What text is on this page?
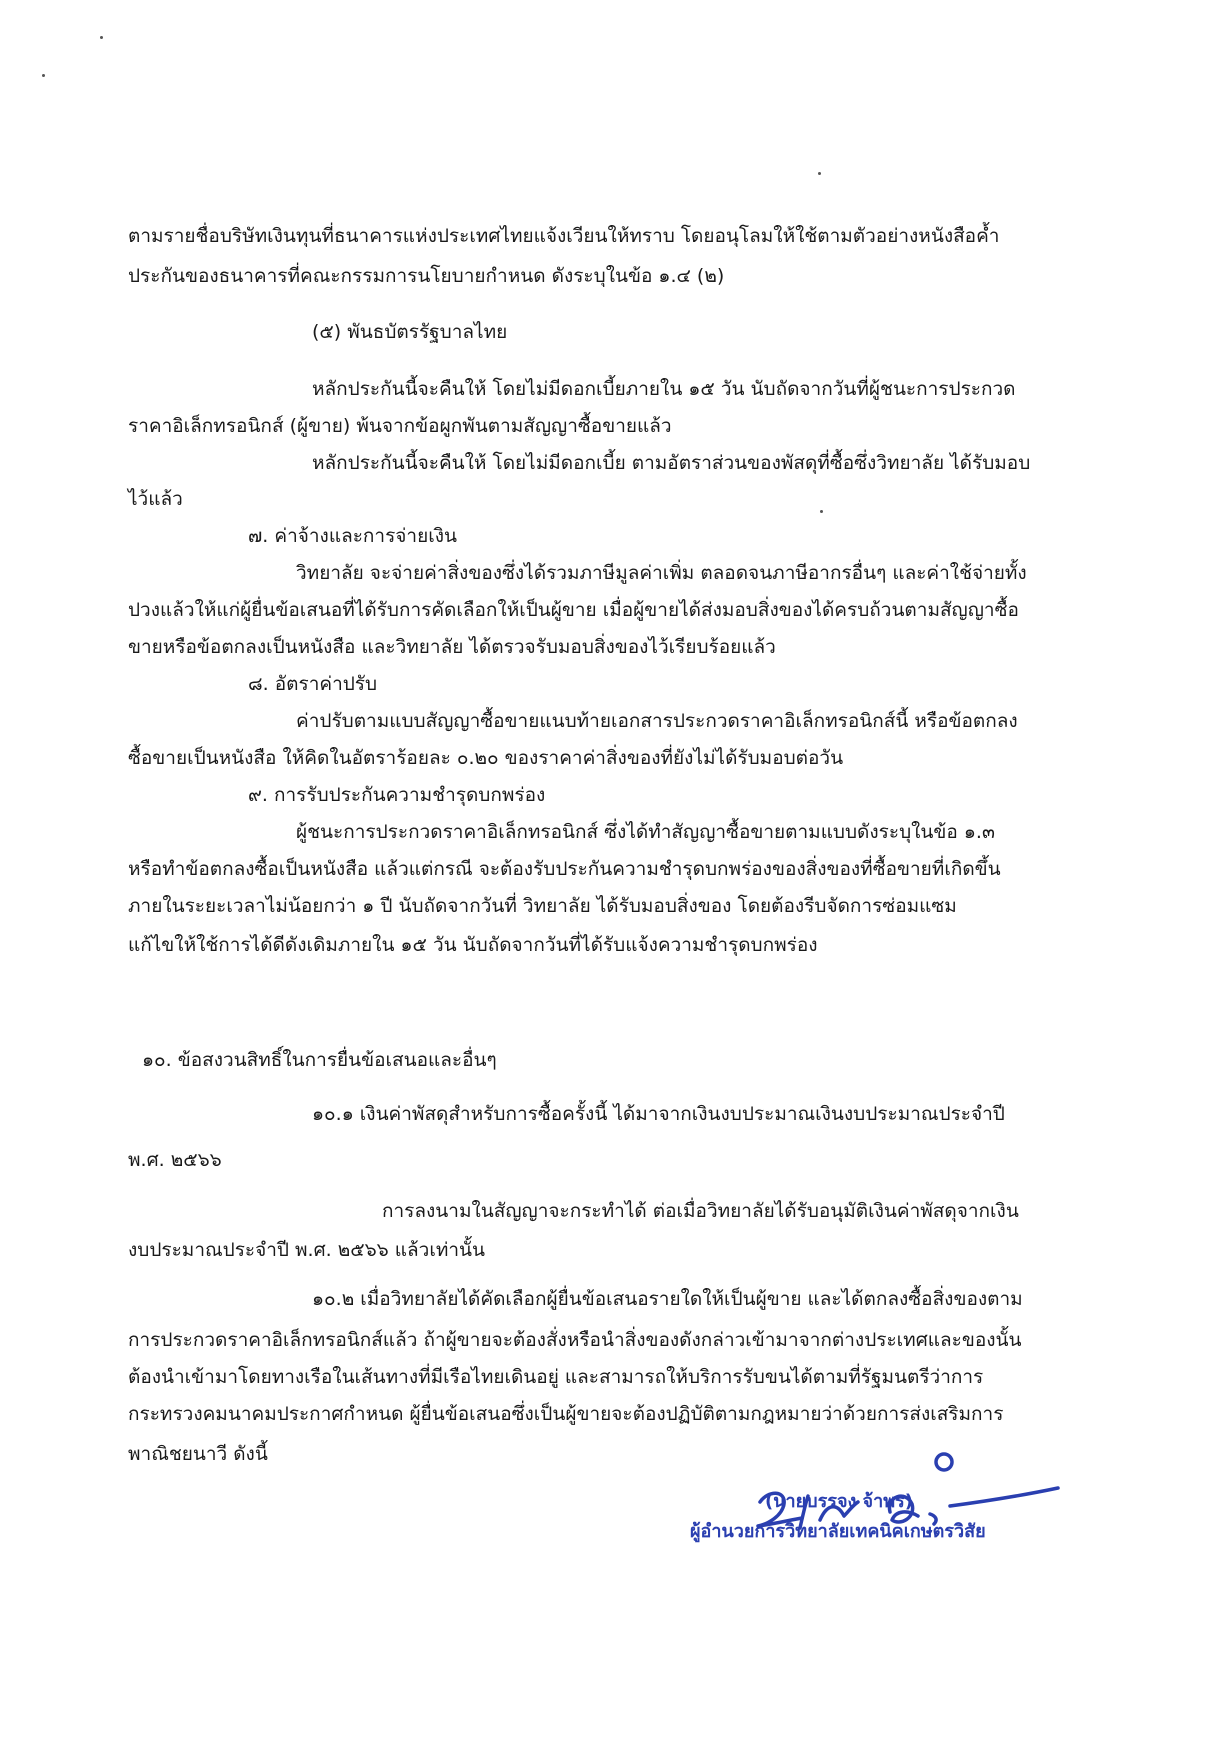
ตามรายชื่อบริษัทเงินทุนที่ธนาคารแห่งประเทศไทยแจ้งเวียนให้ทราบ โดยอนุโลมให้ใช้ตามตัวอย่างหนังสือค้ำ
ประกันของธนาคารที่คณะกรรมการนโยบายกำหนด ดังระบุในข้อ ๑.๔ (๒)
(๕) พันธบัตรรัฐบาลไทย
หลักประกันนี้จะคืนให้ โดยไม่มีดอกเบี้ยภายใน ๑๕ วัน นับถัดจากวันที่ผู้ชนะการประกวด
ราคาอิเล็กทรอนิกส์ (ผู้ขาย) พ้นจากข้อผูกพันตามสัญญาซื้อขายแล้ว
หลักประกันนี้จะคืนให้ โดยไม่มีดอกเบี้ย ตามอัตราส่วนของพัสดุที่ซื้อซึ่งวิทยาลัย ได้รับมอบ
ไว้แล้ว
๗. ค่าจ้างและการจ่ายเงิน
วิทยาลัย จะจ่ายค่าสิ่งของซึ่งได้รวมภาษีมูลค่าเพิ่ม ตลอดจนภาษีอากรอื่นๆ และค่าใช้จ่ายทั้ง
ปวงแล้วให้แก่ผู้ยื่นข้อเสนอที่ได้รับการคัดเลือกให้เป็นผู้ขาย เมื่อผู้ขายได้ส่งมอบสิ่งของได้ครบถ้วนตามสัญญาซื้อ
ขายหรือข้อตกลงเป็นหนังสือ และวิทยาลัย ได้ตรวจรับมอบสิ่งของไว้เรียบร้อยแล้ว
๘. อัตราค่าปรับ
ค่าปรับตามแบบสัญญาซื้อขายแนบท้ายเอกสารประกวดราคาอิเล็กทรอนิกส์นี้ หรือข้อตกลง
ซื้อขายเป็นหนังสือ ให้คิดในอัตราร้อยละ ๐.๒๐ ของราคาค่าสิ่งของที่ยังไม่ได้รับมอบต่อวัน
๙. การรับประกันความชำรุดบกพร่อง
ผู้ชนะการประกวดราคาอิเล็กทรอนิกส์ ซึ่งได้ทำสัญญาซื้อขายตามแบบดังระบุในข้อ ๑.๓
หรือทำข้อตกลงซื้อเป็นหนังสือ แล้วแต่กรณี จะต้องรับประกันความชำรุดบกพร่องของสิ่งของที่ซื้อขายที่เกิดขึ้น
ภายในระยะเวลาไม่น้อยกว่า ๑ ปี นับถัดจากวันที่ วิทยาลัย ได้รับมอบสิ่งของ โดยต้องรีบจัดการซ่อมแซม
แก้ไขให้ใช้การได้ดีดังเดิมภายใน ๑๕ วัน นับถัดจากวันที่ได้รับแจ้งความชำรุดบกพร่อง
๑๐. ข้อสงวนสิทธิ์ในการยื่นข้อเสนอและอื่นๆ
๑๐.๑ เงินค่าพัสดุสำหรับการซื้อครั้งนี้ ได้มาจากเงินงบประมาณเงินงบประมาณประจำปี
พ.ศ. ๒๕๖๖
การลงนามในสัญญาจะกระทำได้ ต่อเมื่อวิทยาลัยได้รับอนุมัติเงินค่าพัสดุจากเงิน
งบประมาณประจำปี พ.ศ. ๒๕๖๖ แล้วเท่านั้น
๑๐.๒ เมื่อวิทยาลัยได้คัดเลือกผู้ยื่นข้อเสนอรายใดให้เป็นผู้ขาย และได้ตกลงซื้อสิ่งของตาม
การประกวดราคาอิเล็กทรอนิกส์แล้ว ถ้าผู้ขายจะต้องสั่งหรือนำสิ่งของดังกล่าวเข้ามาจากต่างประเทศและของนั้น
ต้องนำเข้ามาโดยทางเรือในเส้นทางที่มีเรือไทยเดินอยู่ และสามารถให้บริการรับขนได้ตามที่รัฐมนตรีว่าการ
กระทรวงคมนาคมประกาศกำหนด ผู้ยื่นข้อเสนอซึ่งเป็นผู้ขายจะต้องปฏิบัติตามกฎหมายว่าด้วยการส่งเสริมการ
พาณิชยนาวี ดังนี้
(นายบรรจง จ้าพร)
ผู้อำนวยการวิทยาลัยเทคนิคเกษตรวิสัย
